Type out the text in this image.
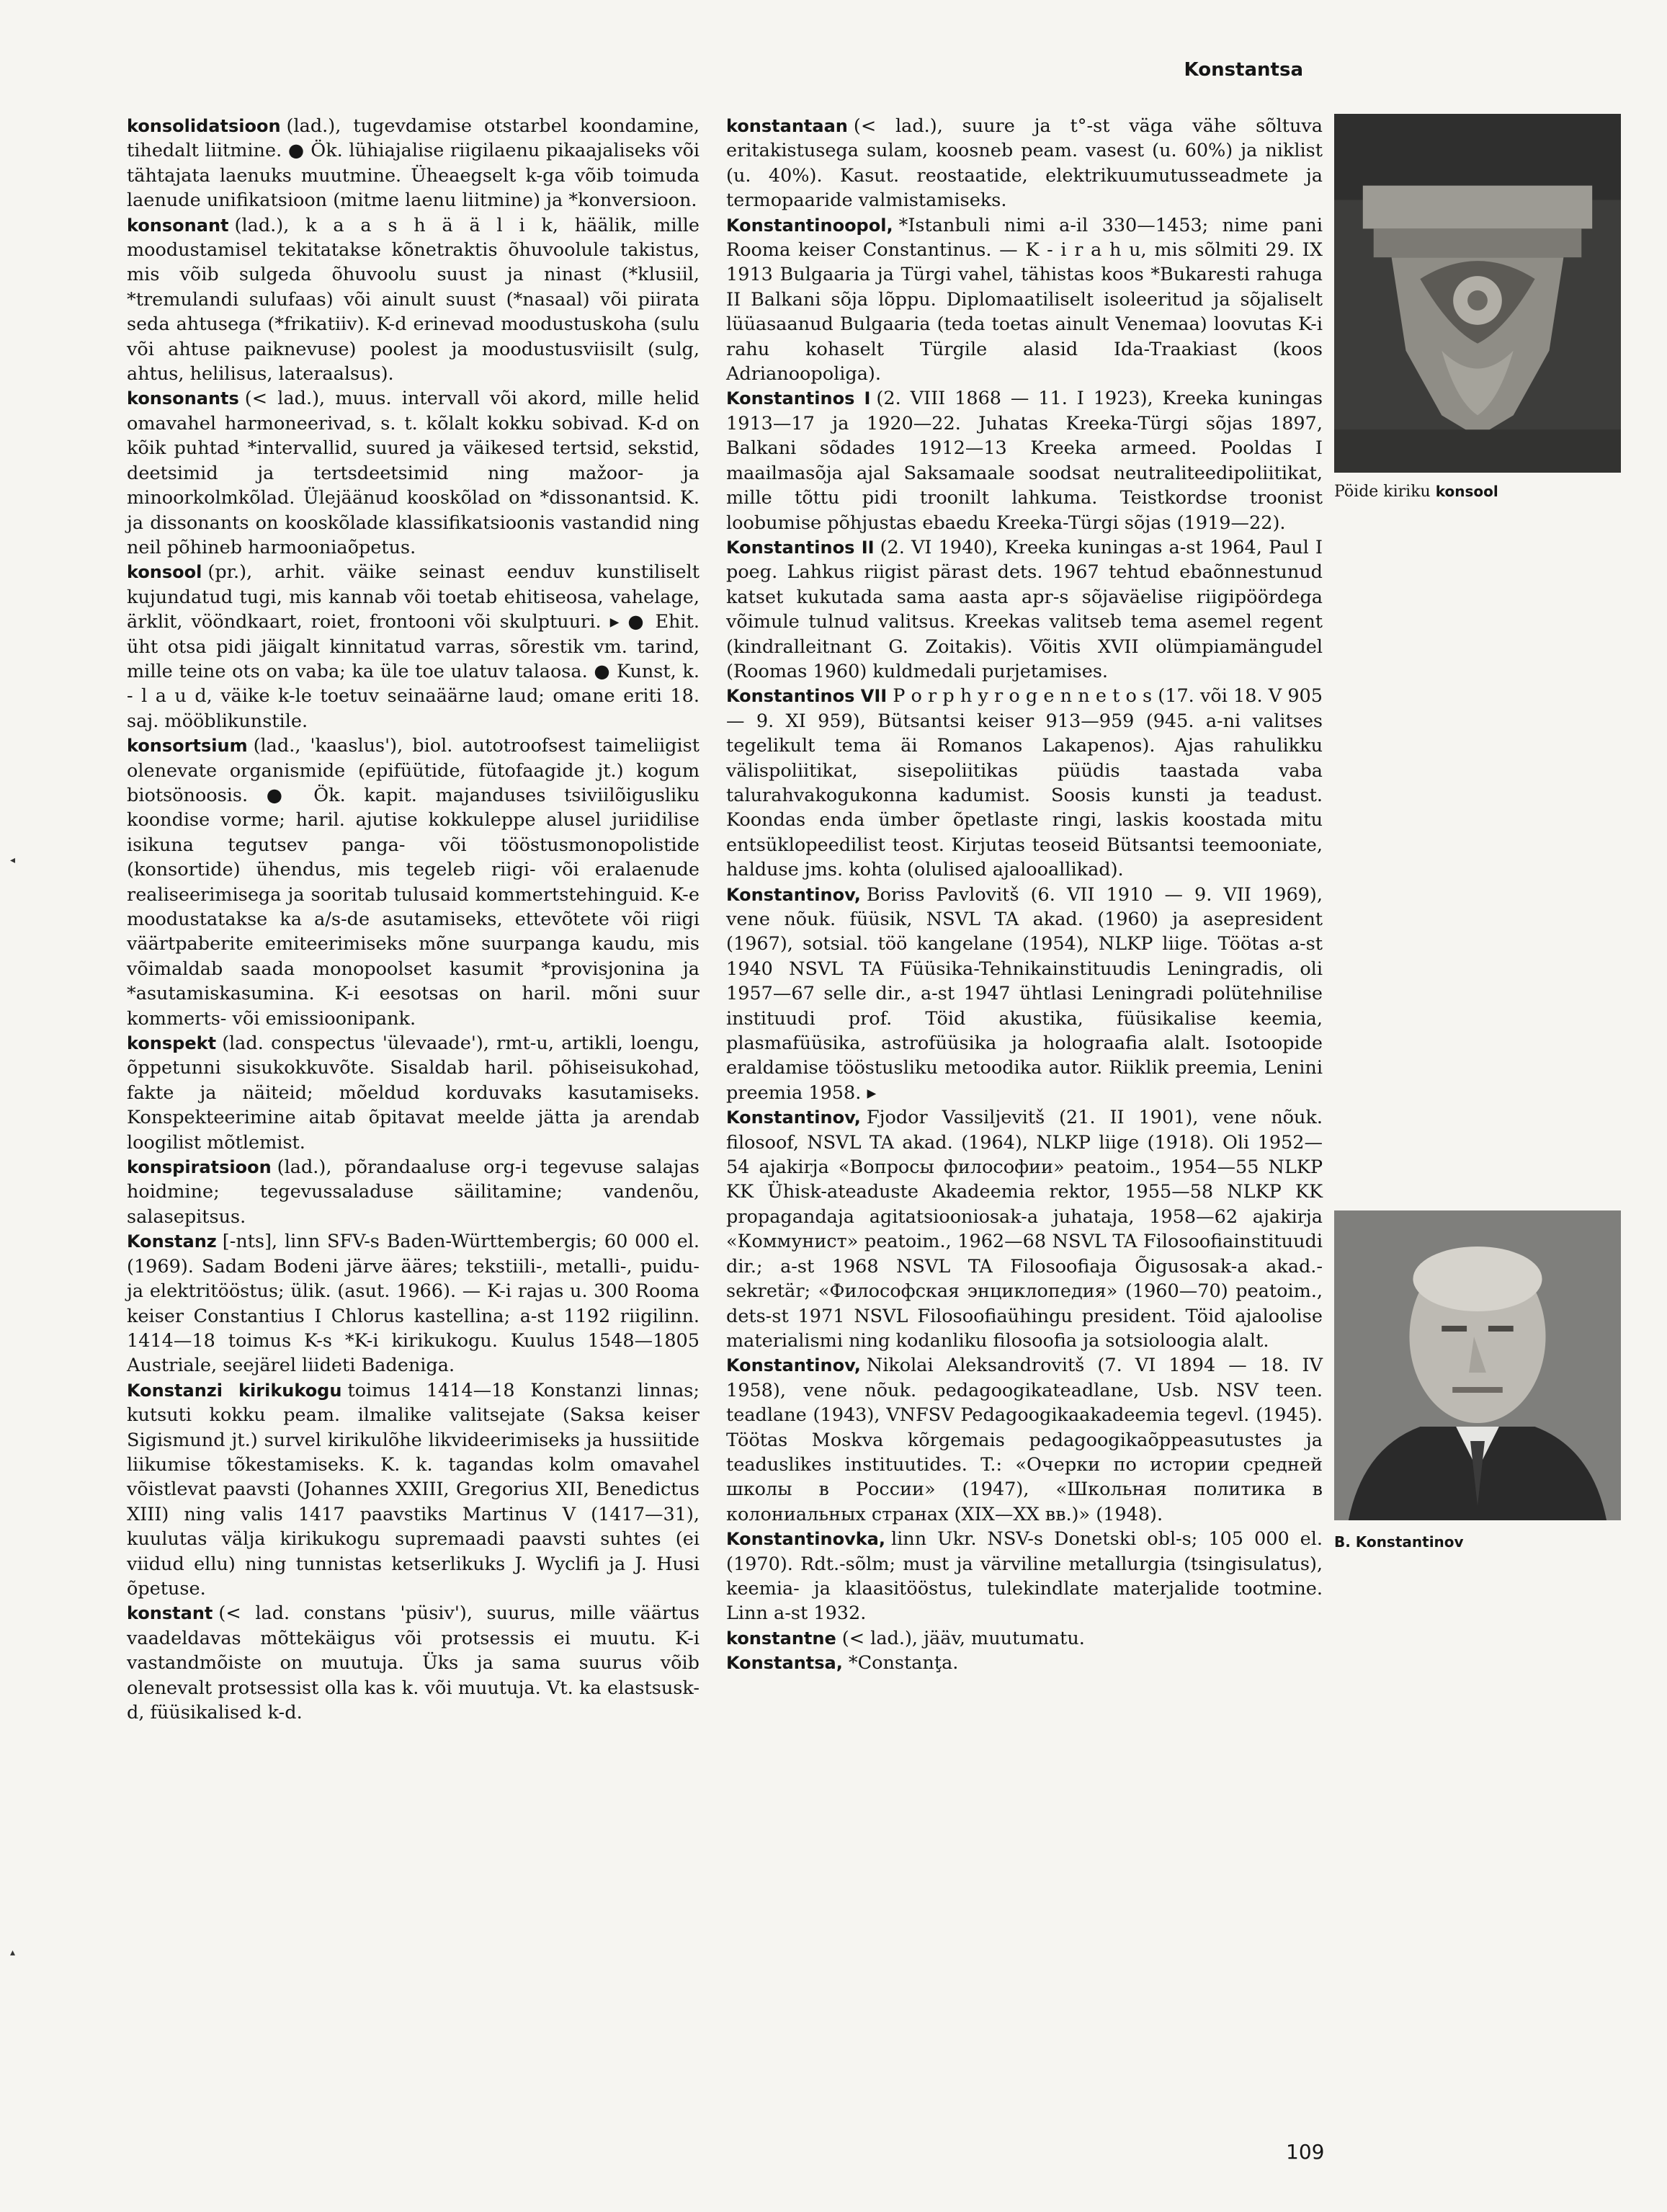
Konstantsa
◂
▴

konsolidatsioon (lad.), tugevdamise otstarbel koondamine, tihedalt liitmine. ● Ök. lühiajalise riigilaenu pikaajaliseks või tähtajata laenuks muutmine. Üheaegselt k-ga võib toimuda laenude unifikatsioon (mitme laenu liitmine) ja *konversioon.

konsonant (lad.), k a a s h ä ä l i k, häälik, mille moodustamisel tekitatakse kõnetraktis õhuvoolule takistus, mis võib sulgeda õhuvoolu suust ja ninast (*klusiil, *tremulandi sulufaas) või ainult suust (*nasaal) või piirata seda ahtusega (*frikatiiv). K-d erinevad moodustuskoha (sulu või ahtuse paiknevuse) poolest ja moodustusviisilt (sulg, ahtus, helilisus, lateraalsus).

konsonants (< lad.), muus. intervall või akord, mille helid omavahel harmoneerivad, s. t. kõlalt kokku sobivad. K-d on kõik puhtad *intervallid, suured ja väikesed tertsid, sekstid, deetsimid ja tertsdeetsimid ning mažoor- ja minoorkolmkõlad. Ülejäänud kooskõlad on *dissonantsid. K. ja dissonants on kooskõlade klassifikatsioonis vastandid ning neil põhineb harmooniaõpetus.

konsool (pr.), arhit. väike seinast eenduv kunstiliselt kujundatud tugi, mis kannab või toetab ehitiseosa, vahelage, ärklit, vööndkaart, roiet, frontooni või skulptuuri. ▸ ● Ehit. üht otsa pidi jäigalt kinnitatud varras, sõrestik vm. tarind, mille teine ots on vaba; ka üle toe ulatuv talaosa. ● Kunst, k. - l a u d, väike k-le toetuv seinaäärne laud; omane eriti 18. saj. mööblikunstile.

konsortsium (lad., 'kaaslus'), biol. autotroofsest taimeliigist olenevate organismide (epifüütide, fütofaagide jt.) kogum biotsönoosis. ● Ök. kapit. majanduses tsiviilõigusliku koondise vorme; haril. ajutise kokkuleppe alusel juriidilise isikuna tegutsev panga- või tööstusmonopolistide (konsortide) ühendus, mis tegeleb riigi- või eralaenude realiseerimisega ja sooritab tulusaid kommertstehinguid. K-e moodustatakse ka a/s-de asutamiseks, ettevõtete või riigi väärtpaberite emiteerimiseks mõne suurpanga kaudu, mis võimaldab saada monopoolset kasumit *provisjonina ja *asutamiskasumina. K-i eesotsas on haril. mõni suur kommerts- või emissioonipank.

konspekt (lad. conspectus 'ülevaade'), rmt-u, artikli, loengu, õppetunni sisukokkuvõte. Sisaldab haril. põhiseisukohad, fakte ja näiteid; mõeldud korduvaks kasutamiseks. Konspekteerimine aitab õpitavat meelde jätta ja arendab loogilist mõtlemist.

konspiratsioon (lad.), põrandaaluse org-i tegevuse salajas hoidmine; tegevussaladuse säilitamine; vandenõu, salasepitsus.

Konstanz [-nts], linn SFV-s Baden-Württembergis; 60 000 el. (1969). Sadam Bodeni järve ääres; tekstiili-, metalli-, puidu- ja elektritööstus; ülik. (asut. 1966). — K-i rajas u. 300 Rooma keiser Constantius I Chlorus kastellina; a-st 1192 riigilinn. 1414—18 toimus K-s *K-i kirikukogu. Kuulus 1548—1805 Austriale, seejärel liideti Badeniga.

Konstanzi kirikukogu toimus 1414—18 Konstanzi linnas; kutsuti kokku peam. ilmalike valitsejate (Saksa keiser Sigismund jt.) survel kirikulõhe likvideerimiseks ja hussiitide liikumise tõkestamiseks. K. k. tagandas kolm omavahel võistlevat paavsti (Johannes XXIII, Gregorius XII, Benedictus XIII) ning valis 1417 paavstiks Martinus V (1417—31), kuulutas välja kirikukogu supremaadi paavsti suhtes (ei viidud ellu) ning tunnistas ketserlikuks J. Wyclifi ja J. Husi õpetuse.

konstant (< lad. constans 'püsiv'), suurus, mille väärtus vaadeldavas mõttekäigus või protsessis ei muutu. K-i vastandmõiste on muutuja. Üks ja sama suurus võib olenevalt protsessist olla kas k. või muutuja. Vt. ka elastsusk-d, füüsikalised k-d.

konstantaan (< lad.), suure ja t°-st väga vähe sõltuva eritakistusega sulam, koosneb peam. vasest (u. 60%) ja niklist (u. 40%). Kasut. reostaatide, elektrikuumutusseadmete ja termopaaride valmistamiseks.

Konstantinoopol, *Istanbuli nimi a-il 330—1453; nime pani Rooma keiser Constantinus. — K - i r a h u, mis sõlmiti 29. IX 1913 Bulgaaria ja Türgi vahel, tähistas koos *Bukaresti rahuga II Balkani sõja lõppu. Diplomaatiliselt isoleeritud ja sõjaliselt lüüasaanud Bulgaaria (teda toetas ainult Venemaa) loovutas K-i rahu kohaselt Türgile alasid Ida-Traakiast (koos Adrianoopoliga).

Konstantinos I (2. VIII 1868 — 11. I 1923), Kreeka kuningas 1913—17 ja 1920—22. Juhatas Kreeka-Türgi sõjas 1897, Balkani sõdades 1912—13 Kreeka armeed. Pooldas I maailmasõja ajal Saksamaale soodsat neutraliteedipoliitikat, mille tõttu pidi troonilt lahkuma. Teistkordse troonist loobumise põhjustas ebaedu Kreeka-Türgi sõjas (1919—22).

Konstantinos II (2. VI 1940), Kreeka kuningas a-st 1964, Paul I poeg. Lahkus riigist pärast dets. 1967 tehtud ebaõnnestunud katset kukutada sama aasta apr-s sõjaväelise riigipöördega võimule tulnud valitsus. Kreekas valitseb tema asemel regent (kindralleitnant G. Zoitakis). Võitis XVII olümpiamängudel (Roomas 1960) kuldmedali purjetamises.

Konstantinos VII P o r p h y r o g e n n e t o s (17. või 18. V 905 — 9. XI 959), Bütsantsi keiser 913—959 (945. a-ni valitses tegelikult tema äi Romanos Lakapenos). Ajas rahulikku välispoliitikat, sisepoliitikas püüdis taastada vaba talurahvakogukonna kadumist. Soosis kunsti ja teadust. Koondas enda ümber õpetlaste ringi, laskis koostada mitu entsüklopeedilist teost. Kirjutas teoseid Bütsantsi teemooniate, halduse jms. kohta (olulised ajalooallikad).

Konstantinov, Boriss Pavlovitš (6. VII 1910 — 9. VII 1969), vene nõuk. füüsik, NSVL TA akad. (1960) ja asepresident (1967), sotsial. töö kangelane (1954), NLKP liige. Töötas a-st 1940 NSVL TA Füüsika-Tehnikainstituudis Leningradis, oli 1957—67 selle dir., a-st 1947 ühtlasi Leningradi polütehnilise instituudi prof. Töid akustika, füüsikalise keemia, plasmafüüsika, astrofüüsika ja holograafia alalt. Isotoopide eraldamise tööstusliku metoodika autor. Riiklik preemia, Lenini preemia 1958. ▸

Konstantinov, Fjodor Vassiljevitš (21. II 1901), vene nõuk. filosoof, NSVL TA akad. (1964), NLKP liige (1918). Oli 1952—54 ajakirja «Вопросы философии» peatoim., 1954—55 NLKP KK Ühisk-ateaduste Akadeemia rektor, 1955—58 NLKP KK propagandaja agitatsiooniosak-a juhataja, 1958—62 ajakirja «Коммунист» peatoim., 1962—68 NSVL TA Filosoofiainstituudi dir.; a-st 1968 NSVL TA Filosoofiaja Õigusosak-a akad.-sekretär; «Философская энциклопедия» (1960—70) peatoim., dets-st 1971 NSVL Filosoofiaühingu president. Töid ajaloolise materialismi ning kodanliku filosoofia ja sotsioloogia alalt.

Konstantinov, Nikolai Aleksandrovitš (7. VI 1894 — 18. IV 1958), vene nõuk. pedagoogikateadlane, Usb. NSV teen. teadlane (1943), VNFSV Pedagoogikaakadeemia tegevl. (1945). Töötas Moskva kõrgemais pedagoogikaõppeasutustes ja teaduslikes instituutides. T.: «Очерки по истории средней школы в России» (1947), «Школьная политика в колониальных странах (XIX—XX вв.)» (1948).

Konstantinovka, linn Ukr. NSV-s Donetski obl-s; 105 000 el. (1970). Rdt.-sõlm; must ja värviline metallurgia (tsingisulatus), keemia- ja klaasitööstus, tulekindlate materjalide tootmine. Linn a-st 1932.

konstantne (< lad.), jääv, muutumatu.

Konstantsa, *Constanţa.

Pöide kiriku konsool
B. Konstantinov
109
